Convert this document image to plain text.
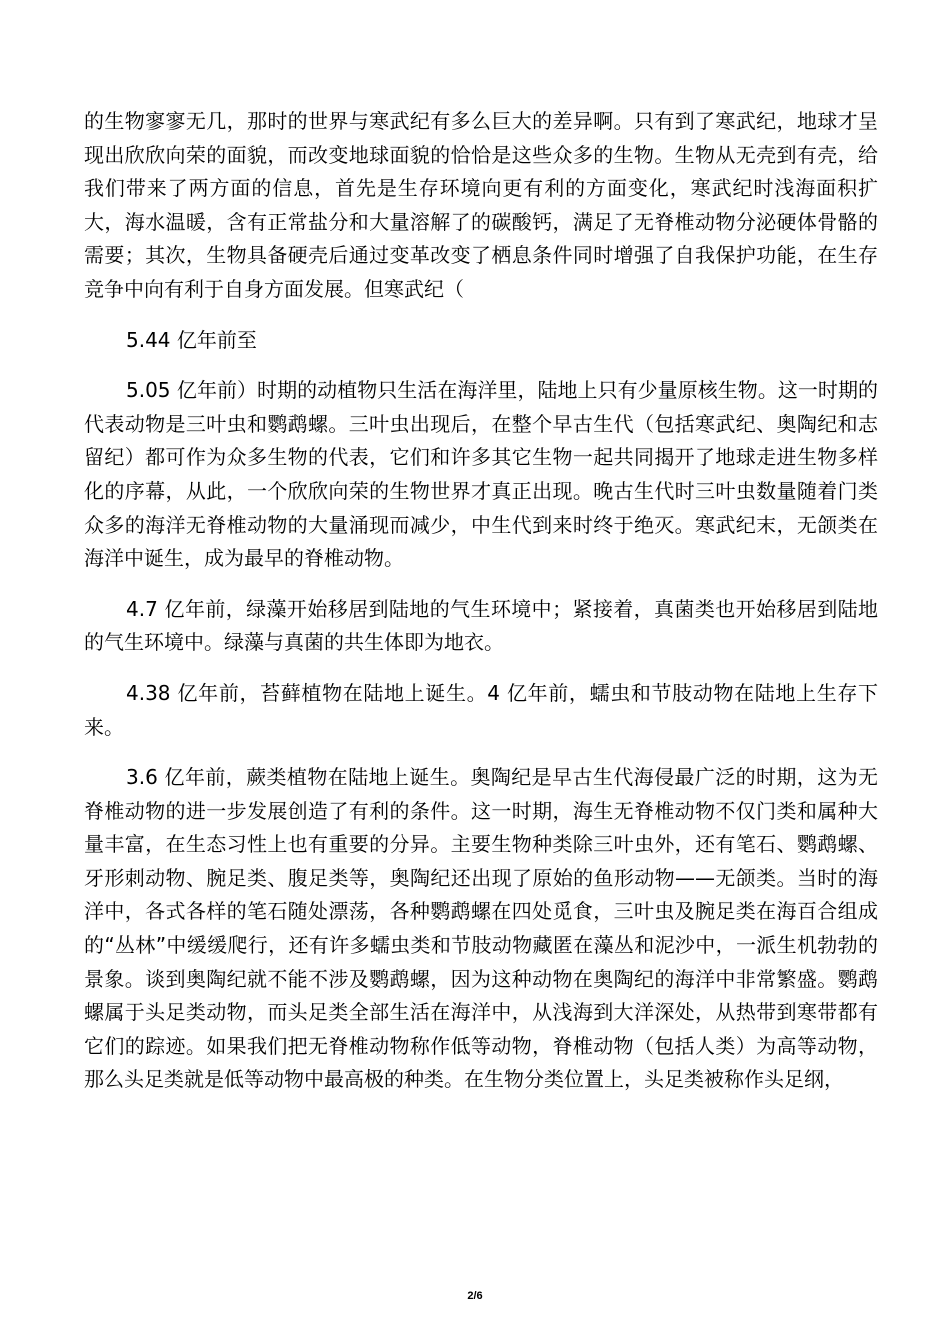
的生物寥寥无几，那时的世界与寒武纪有多么巨大的差异啊。只有到了寒武纪，地球才呈现出欣欣向荣的面貌，而改变地球面貌的恰恰是这些众多的生物。生物从无壳到有壳，给我们带来了两方面的信息，首先是生存环境向更有利的方面变化，寒武纪时浅海面积扩大，海水温暖，含有正常盐分和大量溶解了的碳酸钙，满足了无脊椎动物分泌硬体骨骼的需要；其次，生物具备硬壳后通过变革改变了栖息条件同时增强了自我保护功能，在生存竞争中向有利于自身方面发展。但寒武纪（

5.44 亿年前至

5.05 亿年前）时期的动植物只生活在海洋里，陆地上只有少量原核生物。这一时期的代表动物是三叶虫和鹦鹉螺。三叶虫出现后，在整个早古生代（包括寒武纪、奥陶纪和志留纪）都可作为众多生物的代表，它们和许多其它生物一起共同揭开了地球走进生物多样化的序幕，从此，一个欣欣向荣的生物世界才真正出现。晚古生代时三叶虫数量随着门类众多的海洋无脊椎动物的大量涌现而减少，中生代到来时终于绝灭。寒武纪末，无颌类在海洋中诞生，成为最早的脊椎动物。

4.7 亿年前，绿藻开始移居到陆地的气生环境中；紧接着，真菌类也开始移居到陆地的气生环境中。绿藻与真菌的共生体即为地衣。

4.38 亿年前，苔藓植物在陆地上诞生。4 亿年前，蠕虫和节肢动物在陆地上生存下来。

3.6 亿年前，蕨类植物在陆地上诞生。奥陶纪是早古生代海侵最广泛的时期，这为无脊椎动物的进一步发展创造了有利的条件。这一时期，海生无脊椎动物不仅门类和属种大量丰富，在生态习性上也有重要的分异。主要生物种类除三叶虫外，还有笔石、鹦鹉螺、牙形刺动物、腕足类、腹足类等，奥陶纪还出现了原始的鱼形动物——无颌类。当时的海洋中，各式各样的笔石随处漂荡，各种鹦鹉螺在四处觅食，三叶虫及腕足类在海百合组成的“丛林”中缓缓爬行，还有许多蠕虫类和节肢动物藏匿在藻丛和泥沙中，一派生机勃勃的景象。谈到奥陶纪就不能不涉及鹦鹉螺，因为这种动物在奥陶纪的海洋中非常繁盛。鹦鹉螺属于头足类动物，而头足类全部生活在海洋中，从浅海到大洋深处，从热带到寒带都有它们的踪迹。如果我们把无脊椎动物称作低等动物，脊椎动物（包括人类）为高等动物，那么头足类就是低等动物中最高极的种类。在生物分类位置上，头足类被称作头足纲，

2/6
